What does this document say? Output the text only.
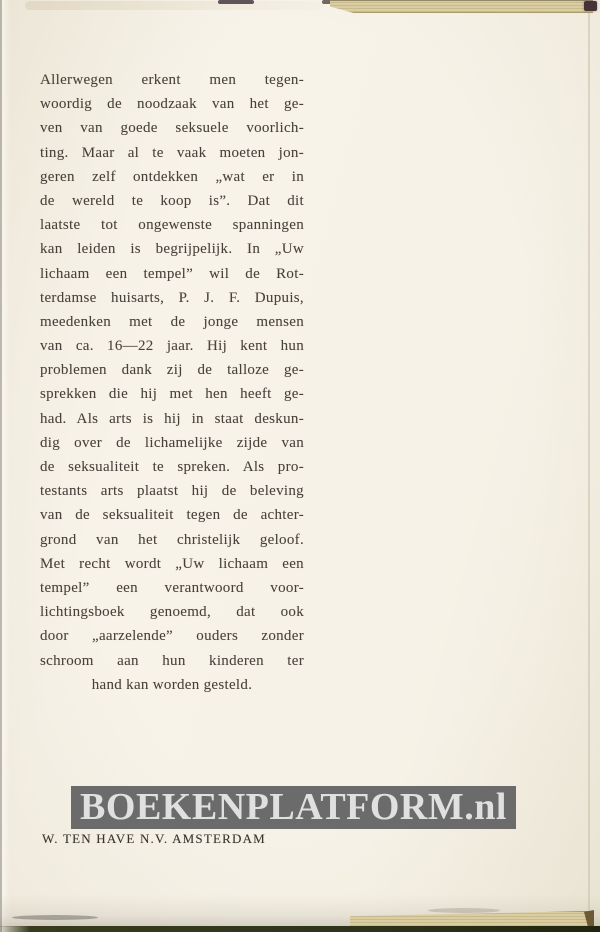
Allerwegen erkent men tegen-
woordig de noodzaak van het ge-
ven van goede seksuele voorlich-
ting. Maar al te vaak moeten jon-
geren zelf ontdekken „wat er in
de wereld te koop is”. Dat dit
laatste tot ongewenste spanningen
kan leiden is begrijpelijk. In „Uw
lichaam een tempel” wil de Rot-
terdamse huisarts, P. J. F. Dupuis,
meedenken met de jonge mensen
van ca. 16—22 jaar. Hij kent hun
problemen dank zij de talloze ge-
sprekken die hij met hen heeft ge-
had. Als arts is hij in staat deskun-
dig over de lichamelijke zijde van
de seksualiteit te spreken. Als pro-
testants arts plaatst hij de beleving
van de seksualiteit tegen de achter-
grond van het christelijk geloof.
Met recht wordt „Uw lichaam een
tempel” een verantwoord voor-
lichtingsboek genoemd, dat ook
door „aarzelende” ouders zonder
schroom aan hun kinderen ter
hand kan worden gesteld.
BOEKENPLATFORM.nl
W. TEN HAVE N.V. AMSTERDAM
